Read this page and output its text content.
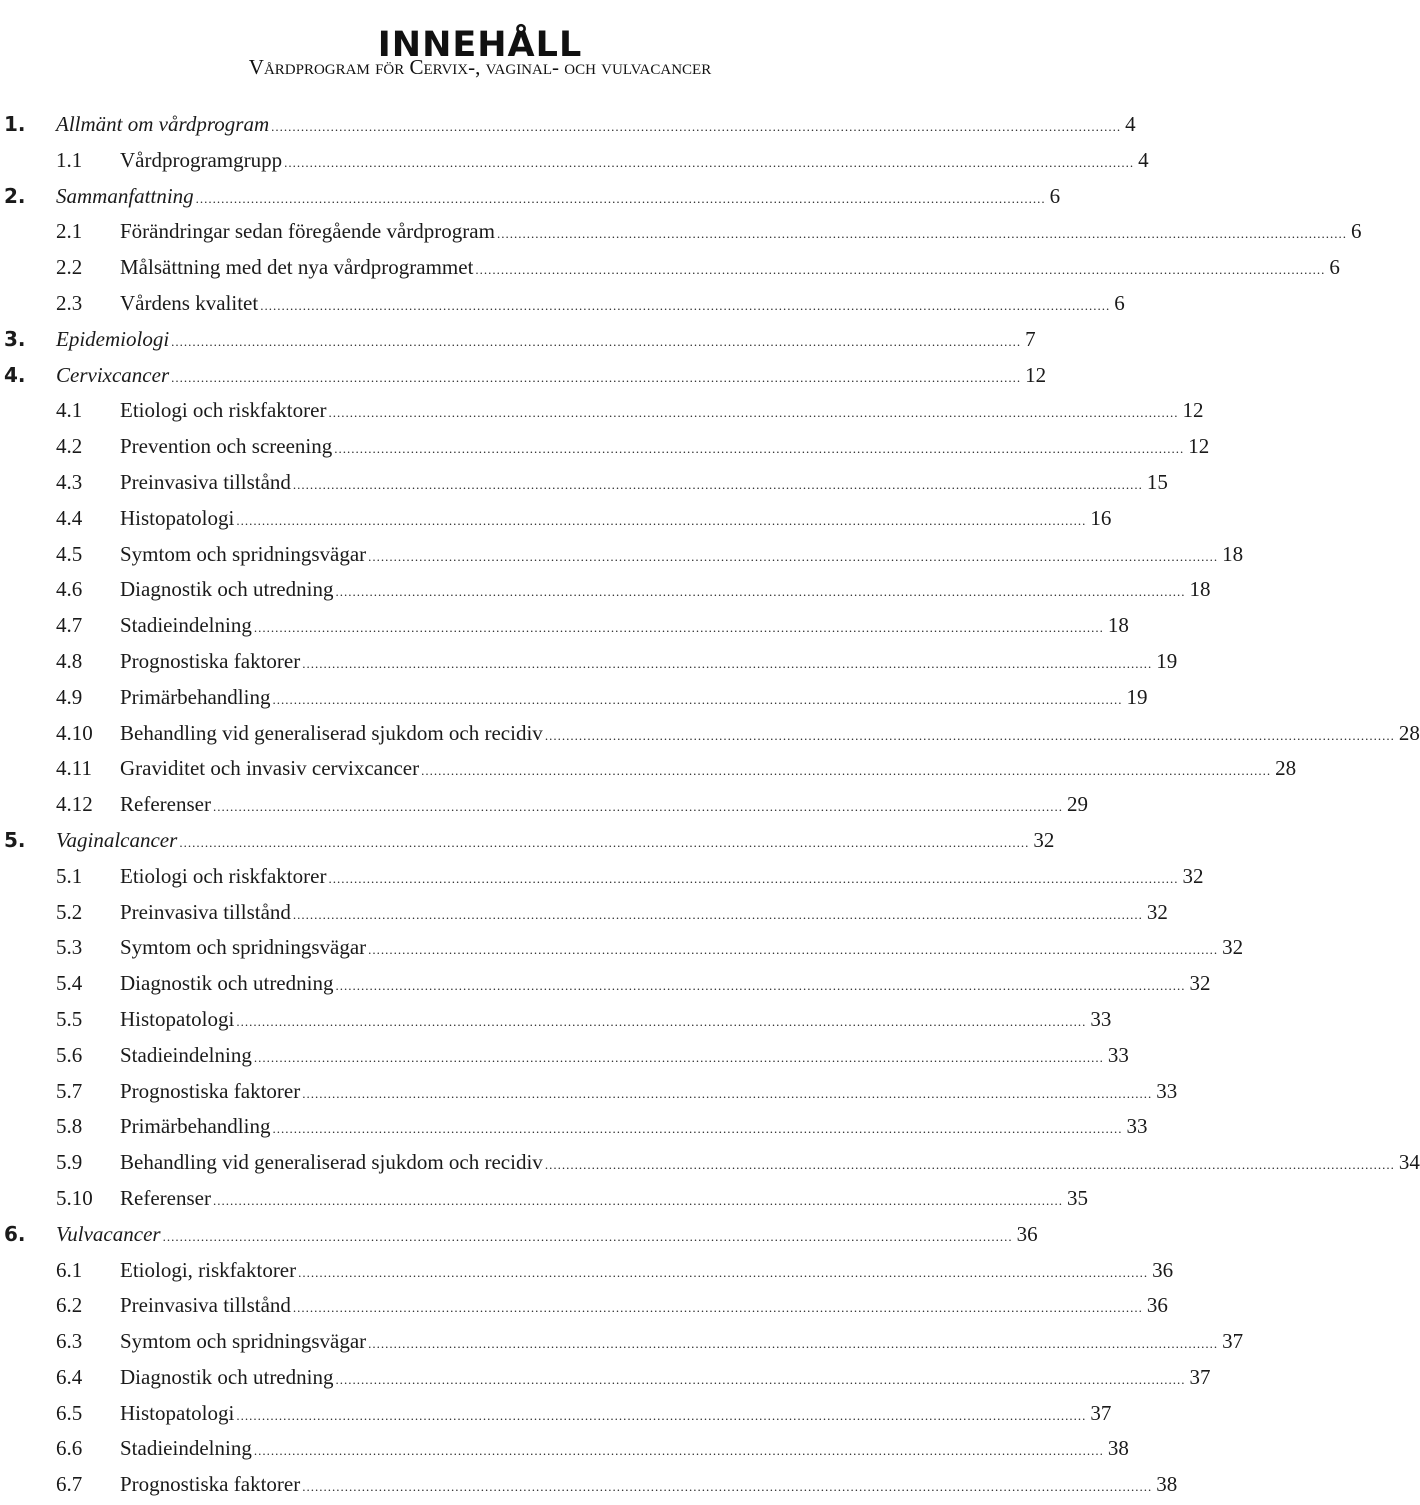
INNEHÅLL
Vårdprogram för Cervix-, vaginal- och vulvacancer
1.	Allmänt om vårdprogram ........................................................................................................................................................................................................ 4
1.1	Vårdprogramgrupp ........................................................................................................................................................................................................ 4
2.	Sammanfattning ........................................................................................................................................................................................................ 6
2.1	Förändringar sedan föregående vårdprogram ........................................................................................................................................................................................................ 6
2.2	Målsättning med det nya vårdprogrammet ........................................................................................................................................................................................................ 6
2.3	Vårdens kvalitet ........................................................................................................................................................................................................ 6
3.	Epidemiologi ........................................................................................................................................................................................................ 7
4.	Cervixcancer ........................................................................................................................................................................................................ 12
4.1	Etiologi och riskfaktorer ........................................................................................................................................................................................................ 12
4.2	Prevention och screening ........................................................................................................................................................................................................ 12
4.3	Preinvasiva tillstånd ........................................................................................................................................................................................................ 15
4.4	Histopatologi ........................................................................................................................................................................................................ 16
4.5	Symtom och spridningsvägar ........................................................................................................................................................................................................ 18
4.6	Diagnostik och utredning ........................................................................................................................................................................................................ 18
4.7	Stadieindelning ........................................................................................................................................................................................................ 18
4.8	Prognostiska faktorer ........................................................................................................................................................................................................ 19
4.9	Primärbehandling ........................................................................................................................................................................................................ 19
4.10	Behandling vid generaliserad sjukdom och recidiv ........................................................................................................................................................................................................ 28
4.11	Graviditet och invasiv cervixcancer ........................................................................................................................................................................................................ 28
4.12	Referenser ........................................................................................................................................................................................................ 29
5.	Vaginalcancer ........................................................................................................................................................................................................ 32
5.1	Etiologi och riskfaktorer ........................................................................................................................................................................................................ 32
5.2	Preinvasiva tillstånd ........................................................................................................................................................................................................ 32
5.3	Symtom och spridningsvägar ........................................................................................................................................................................................................ 32
5.4	Diagnostik och utredning ........................................................................................................................................................................................................ 32
5.5	Histopatologi ........................................................................................................................................................................................................ 33
5.6	Stadieindelning ........................................................................................................................................................................................................ 33
5.7	Prognostiska faktorer ........................................................................................................................................................................................................ 33
5.8	Primärbehandling ........................................................................................................................................................................................................ 33
5.9	Behandling vid generaliserad sjukdom och recidiv ........................................................................................................................................................................................................ 34
5.10	Referenser ........................................................................................................................................................................................................ 35
6.	Vulvacancer ........................................................................................................................................................................................................ 36
6.1	Etiologi, riskfaktorer ........................................................................................................................................................................................................ 36
6.2	Preinvasiva tillstånd ........................................................................................................................................................................................................ 36
6.3	Symtom och spridningsvägar ........................................................................................................................................................................................................ 37
6.4	Diagnostik och utredning ........................................................................................................................................................................................................ 37
6.5	Histopatologi ........................................................................................................................................................................................................ 37
6.6	Stadieindelning ........................................................................................................................................................................................................ 38
6.7	Prognostiska faktorer ........................................................................................................................................................................................................ 38
